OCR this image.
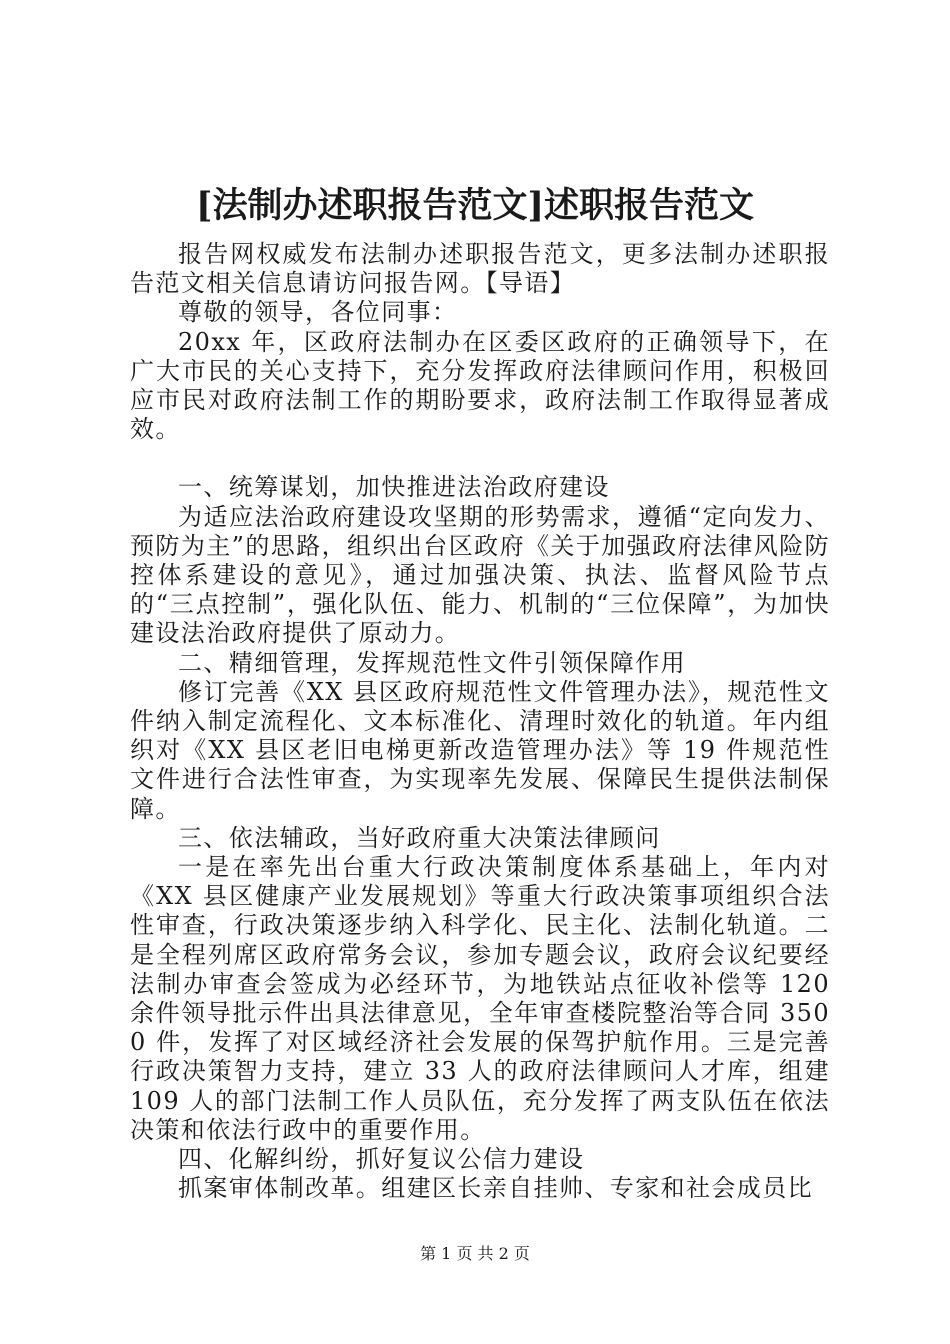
[法制办述职报告范文]述职报告范文

报告网权威发布法制办述职报告范文，更多法制办述职报告范文相关信息请访问报告网。【导语】

尊敬的领导，各位同事：

20xx 年，区政府法制办在区委区政府的正确领导下，在广大市民的关心支持下，充分发挥政府法律顾问作用，积极回应市民对政府法制工作的期盼要求，政府法制工作取得显著成效。

一、统筹谋划，加快推进法治政府建设

为适应法治政府建设攻坚期的形势需求，遵循“定向发力、预防为主”的思路，组织出台区政府《关于加强政府法律风险防控体系建设的意见》，通过加强决策、执法、监督风险节点的“三点控制”，强化队伍、能力、机制的“三位保障”，为加快建设法治政府提供了原动力。

二、精细管理，发挥规范性文件引领保障作用

修订完善《XX 县区政府规范性文件管理办法》，规范性文件纳入制定流程化、文本标准化、清理时效化的轨道。年内组织对《XX 县区老旧电梯更新改造管理办法》等 19 件规范性文件进行合法性审查，为实现率先发展、保障民生提供法制保障。

三、依法辅政，当好政府重大决策法律顾问

一是在率先出台重大行政决策制度体系基础上，年内对《XX 县区健康产业发展规划》等重大行政决策事项组织合法性审查，行政决策逐步纳入科学化、民主化、法制化轨道。二是全程列席区政府常务会议，参加专题会议，政府会议纪要经法制办审查会签成为必经环节，为地铁站点征收补偿等 120 余件领导批示件出具法律意见，全年审查楼院整治等合同 3500 件，发挥了对区域经济社会发展的保驾护航作用。三是完善行政决策智力支持，建立 33 人的政府法律顾问人才库，组建 109 人的部门法制工作人员队伍，充分发挥了两支队伍在依法决策和依法行政中的重要作用。

四、化解纠纷，抓好复议公信力建设

抓案审体制改革。组建区长亲自挂帅、专家和社会成员比

第 1 页 共 2 页
